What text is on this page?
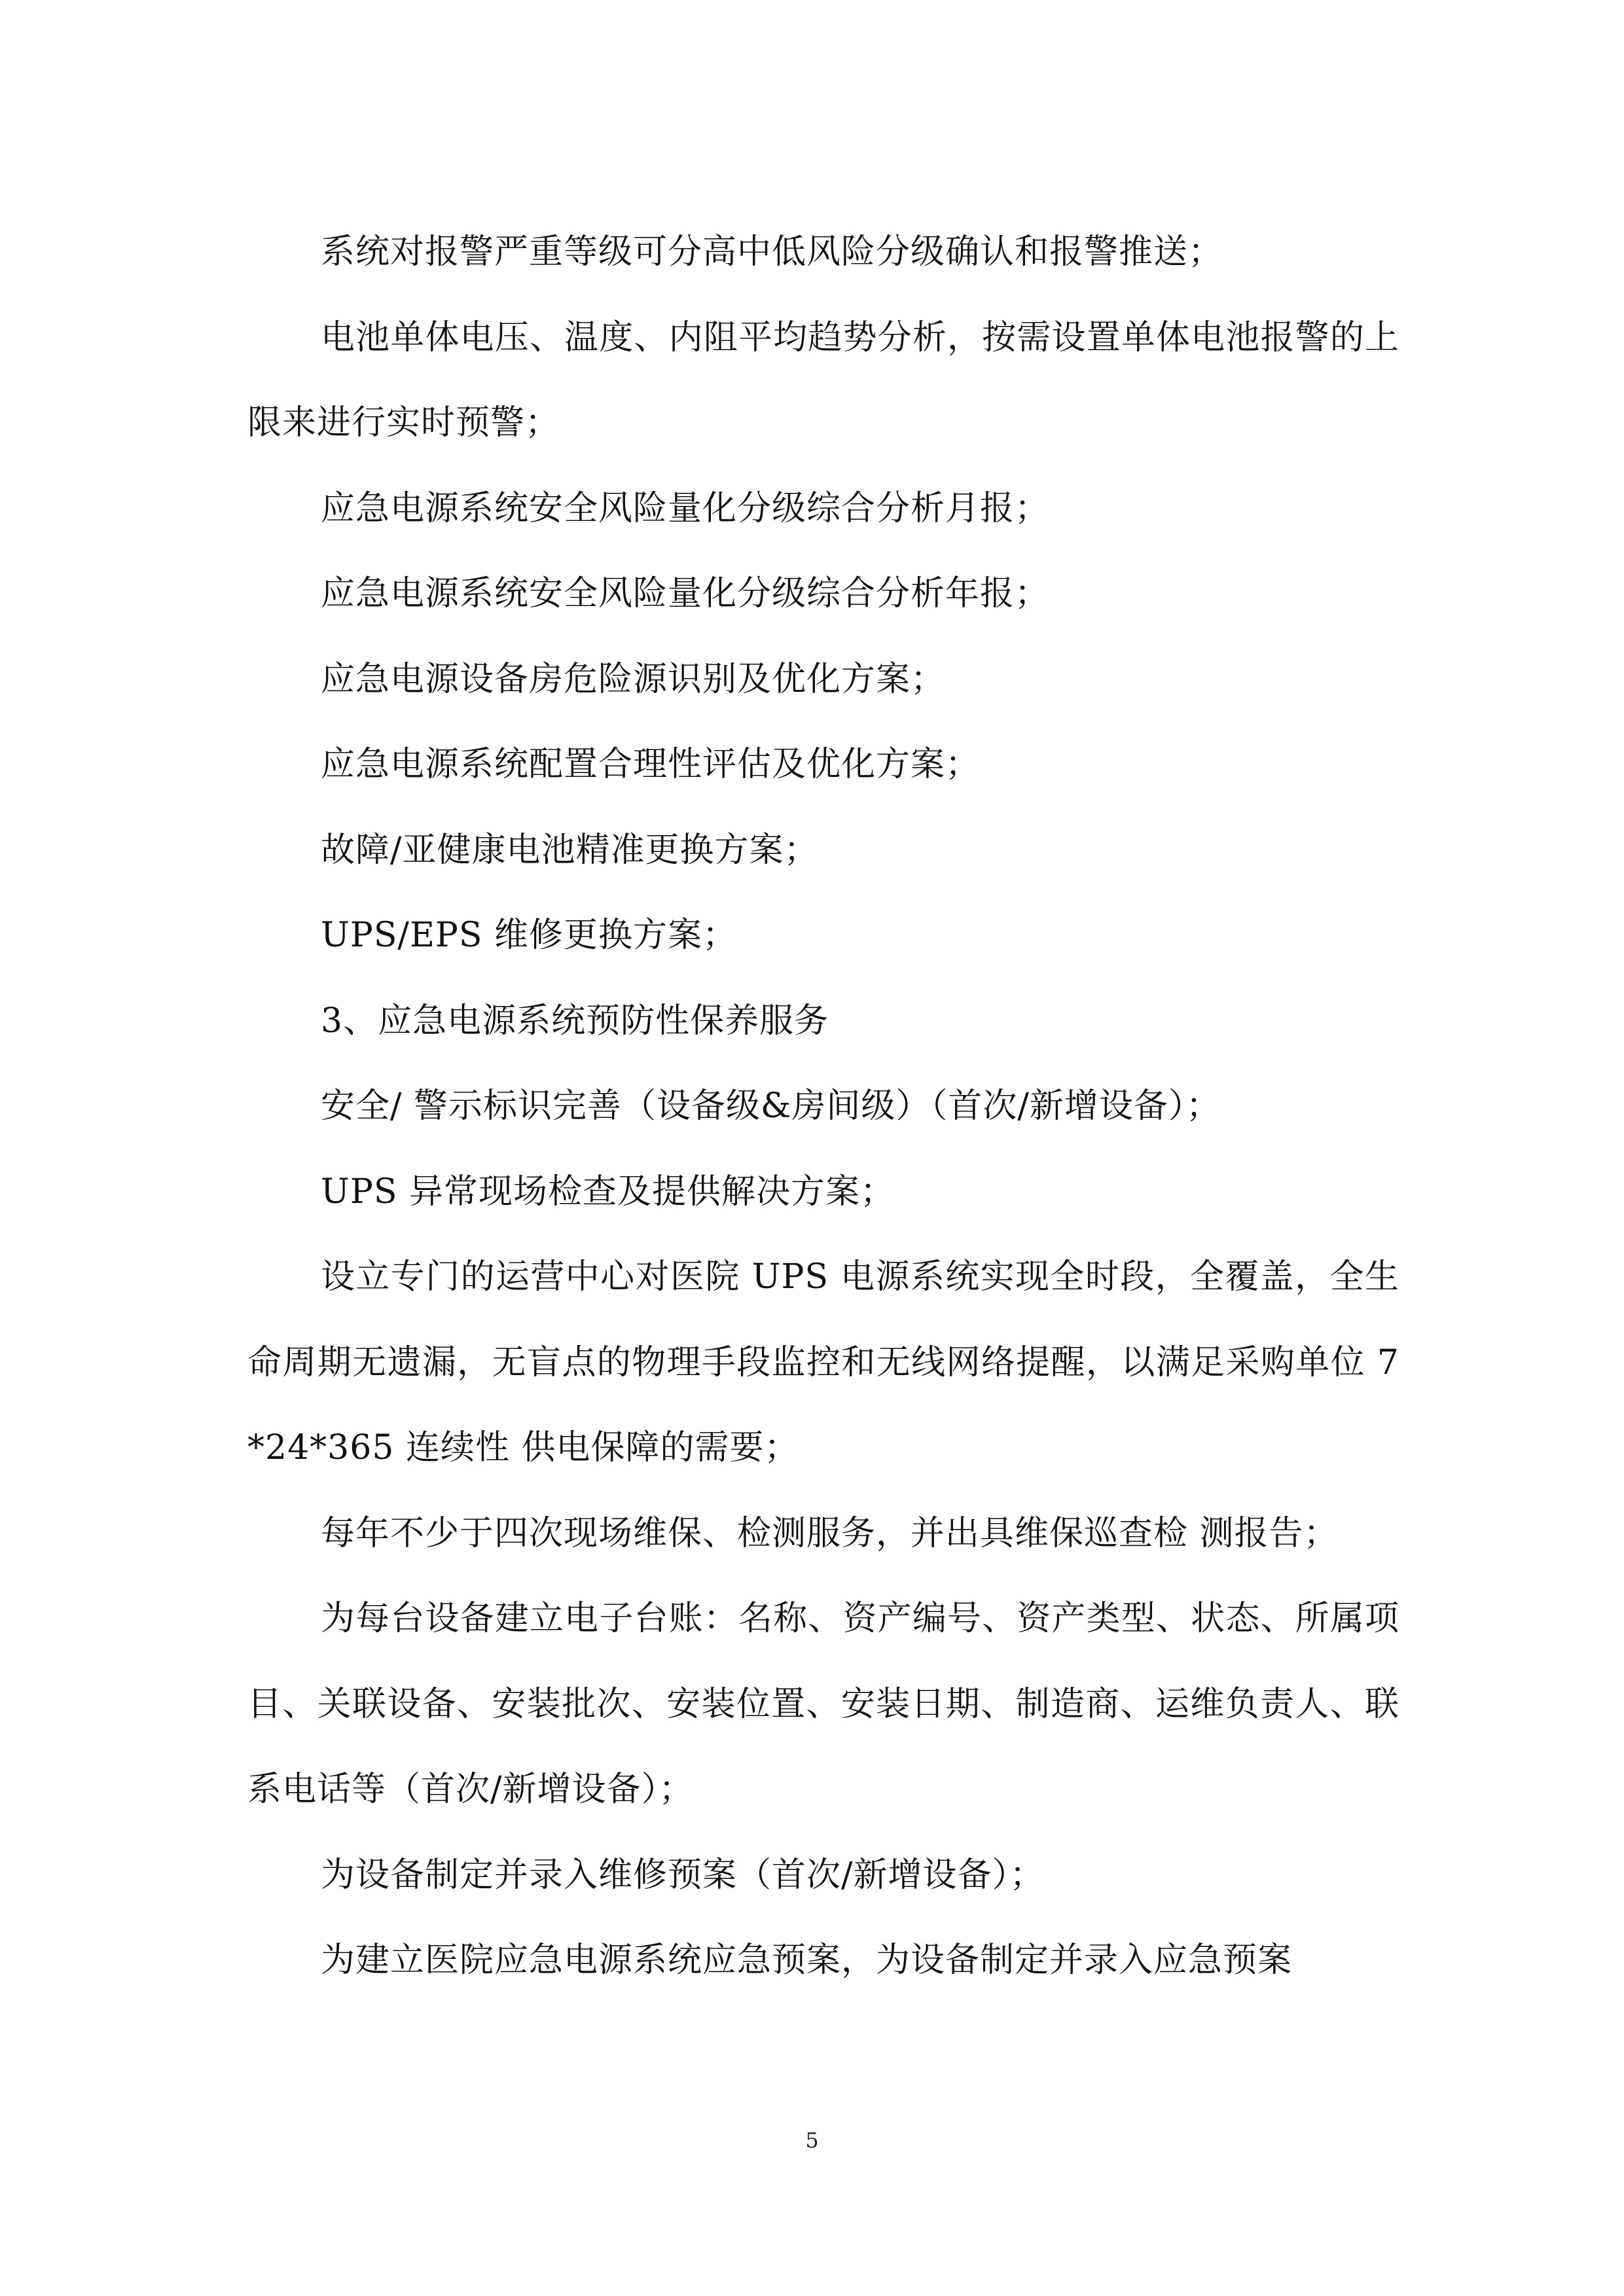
系统对报警严重等级可分高中低风险分级确认和报警推送；

电池单体电压、温度、内阻平均趋势分析，按需设置单体电池报警的上限来进行实时预警；

应急电源系统安全风险量化分级综合分析月报；

应急电源系统安全风险量化分级综合分析年报；

应急电源设备房危险源识别及优化方案；

应急电源系统配置合理性评估及优化方案；

故障/亚健康电池精准更换方案；

UPS/EPS 维修更换方案；

3、应急电源系统预防性保养服务

安全/ 警示标识完善（设备级&房间级）（首次/新增设备）；

UPS 异常现场检查及提供解决方案；

设立专门的运营中心对医院 UPS 电源系统实现全时段，全覆盖，全生命周期无遗漏，无盲点的物理手段监控和无线网络提醒，以满足采购单位 7*24*365 连续性 供电保障的需要；

每年不少于四次现场维保、检测服务，并出具维保巡查检 测报告；

为每台设备建立电子台账：名称、资产编号、资产类型、状态、所属项目、关联设备、安装批次、安装位置、安装日期、制造商、运维负责人、联系电话等（首次/新增设备）；

为设备制定并录入维修预案（首次/新增设备）；

为建立医院应急电源系统应急预案，为设备制定并录入应急预案

5
